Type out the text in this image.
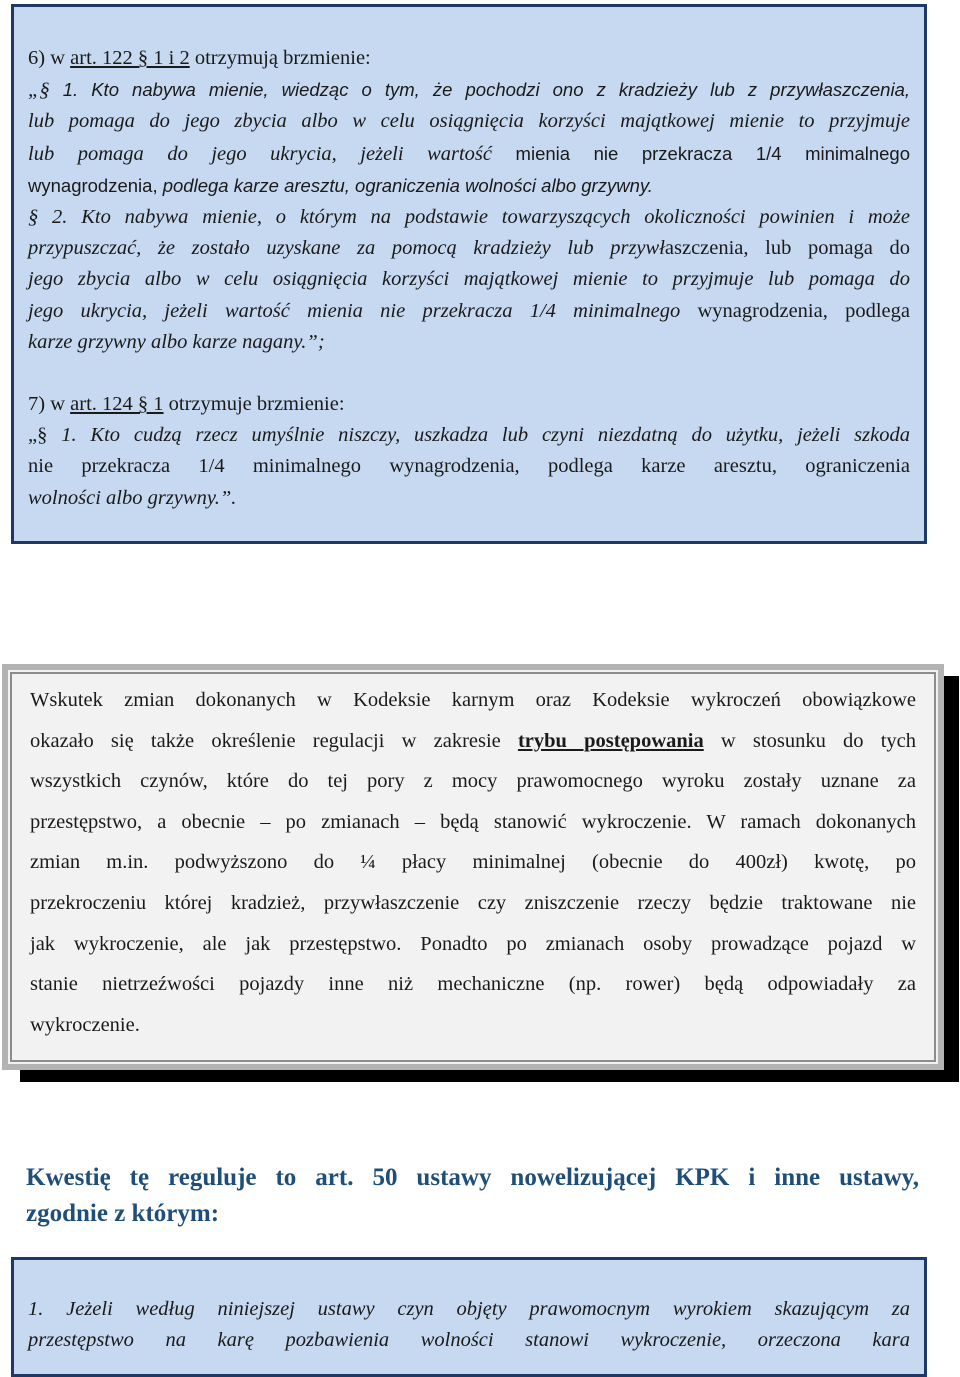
6) w art. 122 § 1 i 2 otrzymują brzmienie:
„§ 1. Kto nabywa mienie, wiedząc o tym, że pochodzi ono z kradzieży lub z przywłaszczenia,
lub pomaga do jego zbycia albo w celu osiągnięcia korzyści majątkowej mienie to przyjmuje
lub pomaga do jego ukrycia, jeżeli wartość mienia nie przekracza 1/4 minimalnego
wynagrodzenia, podlega karze aresztu, ograniczenia wolności albo grzywny.
§ 2. Kto nabywa mienie, o którym na podstawie towarzyszących okoliczności powinien i może
przypuszczać, że zostało uzyskane za pomocą kradzieży lub przywłaszczenia, lub pomaga do
jego zbycia albo w celu osiągnięcia korzyści majątkowej mienie to przyjmuje lub pomaga do
jego ukrycia, jeżeli wartość mienia nie przekracza 1/4 minimalnego wynagrodzenia, podlega
karze grzywny albo karze nagany.”;
7) w art. 124 § 1 otrzymuje brzmienie:
„§ 1. Kto cudzą rzecz umyślnie niszczy, uszkadza lub czyni niezdatną do użytku, jeżeli szkoda
nie przekracza 1/4 minimalnego wynagrodzenia, podlega karze aresztu, ograniczenia
wolności albo grzywny.”.
Wskutek zmian dokonanych w Kodeksie karnym oraz Kodeksie wykroczeń obowiązkowe
okazało się także określenie regulacji w zakresie trybu postępowania w stosunku do tych
wszystkich czynów, które do tej pory z mocy prawomocnego wyroku zostały uznane za
przestępstwo, a obecnie – po zmianach – będą stanowić wykroczenie. W ramach dokonanych
zmian m.in. podwyższono do ¼ płacy minimalnej (obecnie do 400zł) kwotę, po
przekroczeniu której kradzież, przywłaszczenie czy zniszczenie rzeczy będzie traktowane nie
jak wykroczenie, ale jak przestępstwo. Ponadto po zmianach osoby prowadzące pojazd w
stanie nietrzeźwości pojazdy inne niż mechaniczne (np. rower) będą odpowiadały za
wykroczenie.
Kwestię tę reguluje to art. 50 ustawy nowelizującej KPK i inne ustawy,
zgodnie z którym:
1. Jeżeli według niniejszej ustawy czyn objęty prawomocnym wyrokiem skazującym za
przestępstwo na karę pozbawienia wolności stanowi wykroczenie, orzeczona kara
